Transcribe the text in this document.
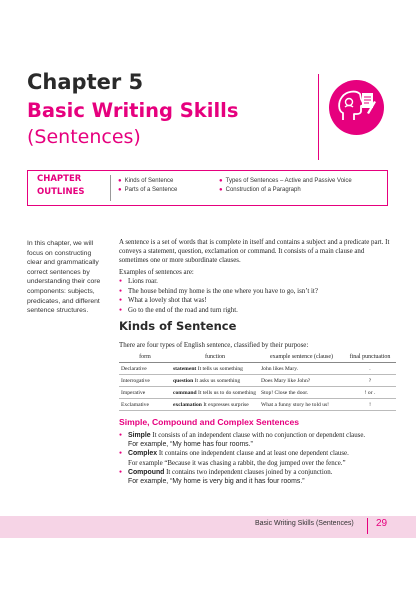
Chapter 5
Basic Writing Skills
(Sentences)
CHAPTER OUTLINES
● Kinds of Sentence
● Parts of a Sentence
● Types of Sentences – Active and Passive Voice
● Construction of a Paragraph
In this chapter, we will focus on constructing clear and grammatically correct sentences by understanding their core components: subjects, predicates, and different sentence structures.
A sentence is a set of words that is complete in itself and contains a subject and a predicate part. It conveys a statement, question, exclamation or command. It consists of a main clause and sometimes one or more subordinate clauses.
Examples of sentences are:
● Lions roar.
● The house behind my home is the one where you have to go, isn’t it?
● What a lovely shot that was!
● Go to the end of the road and turn right.
Kinds of Sentence
There are four types of English sentence, classified by their purpose:
form	function	example sentence (clause)	final punctuation
Declarative	statement It tells us something	John likes Mary.	.
Interrogative	question It asks us something	Does Mary like John?	?
Imperative	command It tells us to do something	Stop! Close the door.	! or .
Exclamative	exclamation It expresses surprise	What a funny story he told us!	!
Simple, Compound and Complex Sentences
● Simple It consists of an independent clause with no conjunction or dependent clause.
For example, “My home has four rooms.”
● Complex It contains one independent clause and at least one dependent clause.
For example “Because it was chasing a rabbit, the dog jumped over the fence.”
● Compound It contains two independent clauses joined by a conjunction.
For example, “My home is very big and it has four rooms.”
Basic Writing Skills (Sentences) 29
